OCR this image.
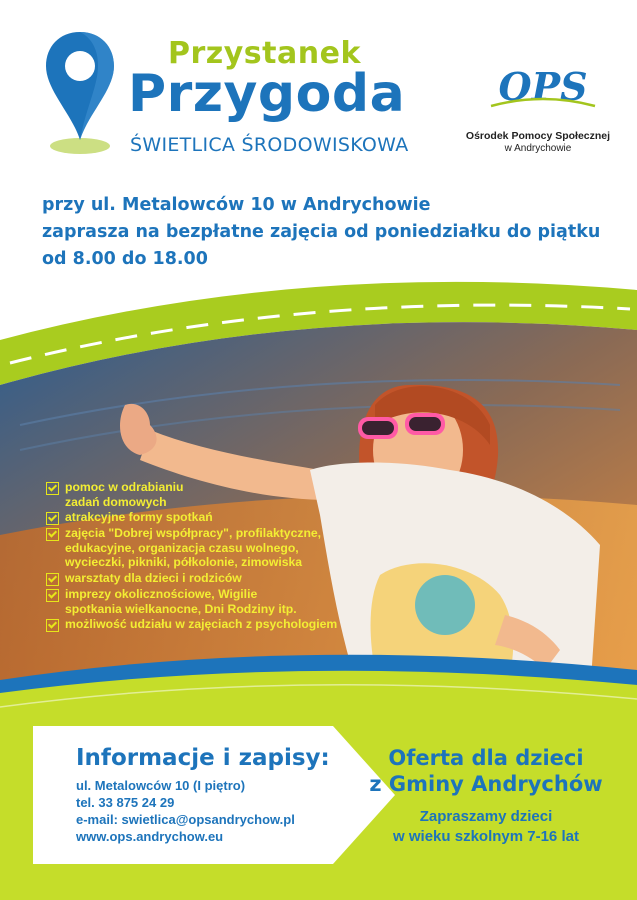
Przystanek
Przygoda
ŚWIETLICA ŚRODOWISKOWA
OPS
Ośrodek Pomocy Społecznej
w Andrychowie
przy ul. Metalowców 10 w Andrychowie
zaprasza na bezpłatne zajęcia od poniedziałku do piątku
od 8.00 do 18.00
pomoc w odrabianiu
zadań domowych
atrakcyjne formy spotkań
zajęcia "Dobrej współpracy", profilaktyczne,
edukacyjne, organizacja czasu wolnego,
wycieczki, pikniki, półkolonie, zimowiska
warsztaty dla dzieci i rodziców
imprezy okolicznościowe, Wigilie
spotkania wielkanocne, Dni Rodziny itp.
możliwość udziału w zajęciach z psychologiem
Informacje i zapisy:
ul. Metalowców 10 (I piętro)
tel. 33 875 24 29
e-mail: swietlica@opsandrychow.pl
www.ops.andrychow.eu
Oferta dla dzieci
z Gminy Andrychów
Zapraszamy dzieci
w wieku szkolnym 7-16 lat
